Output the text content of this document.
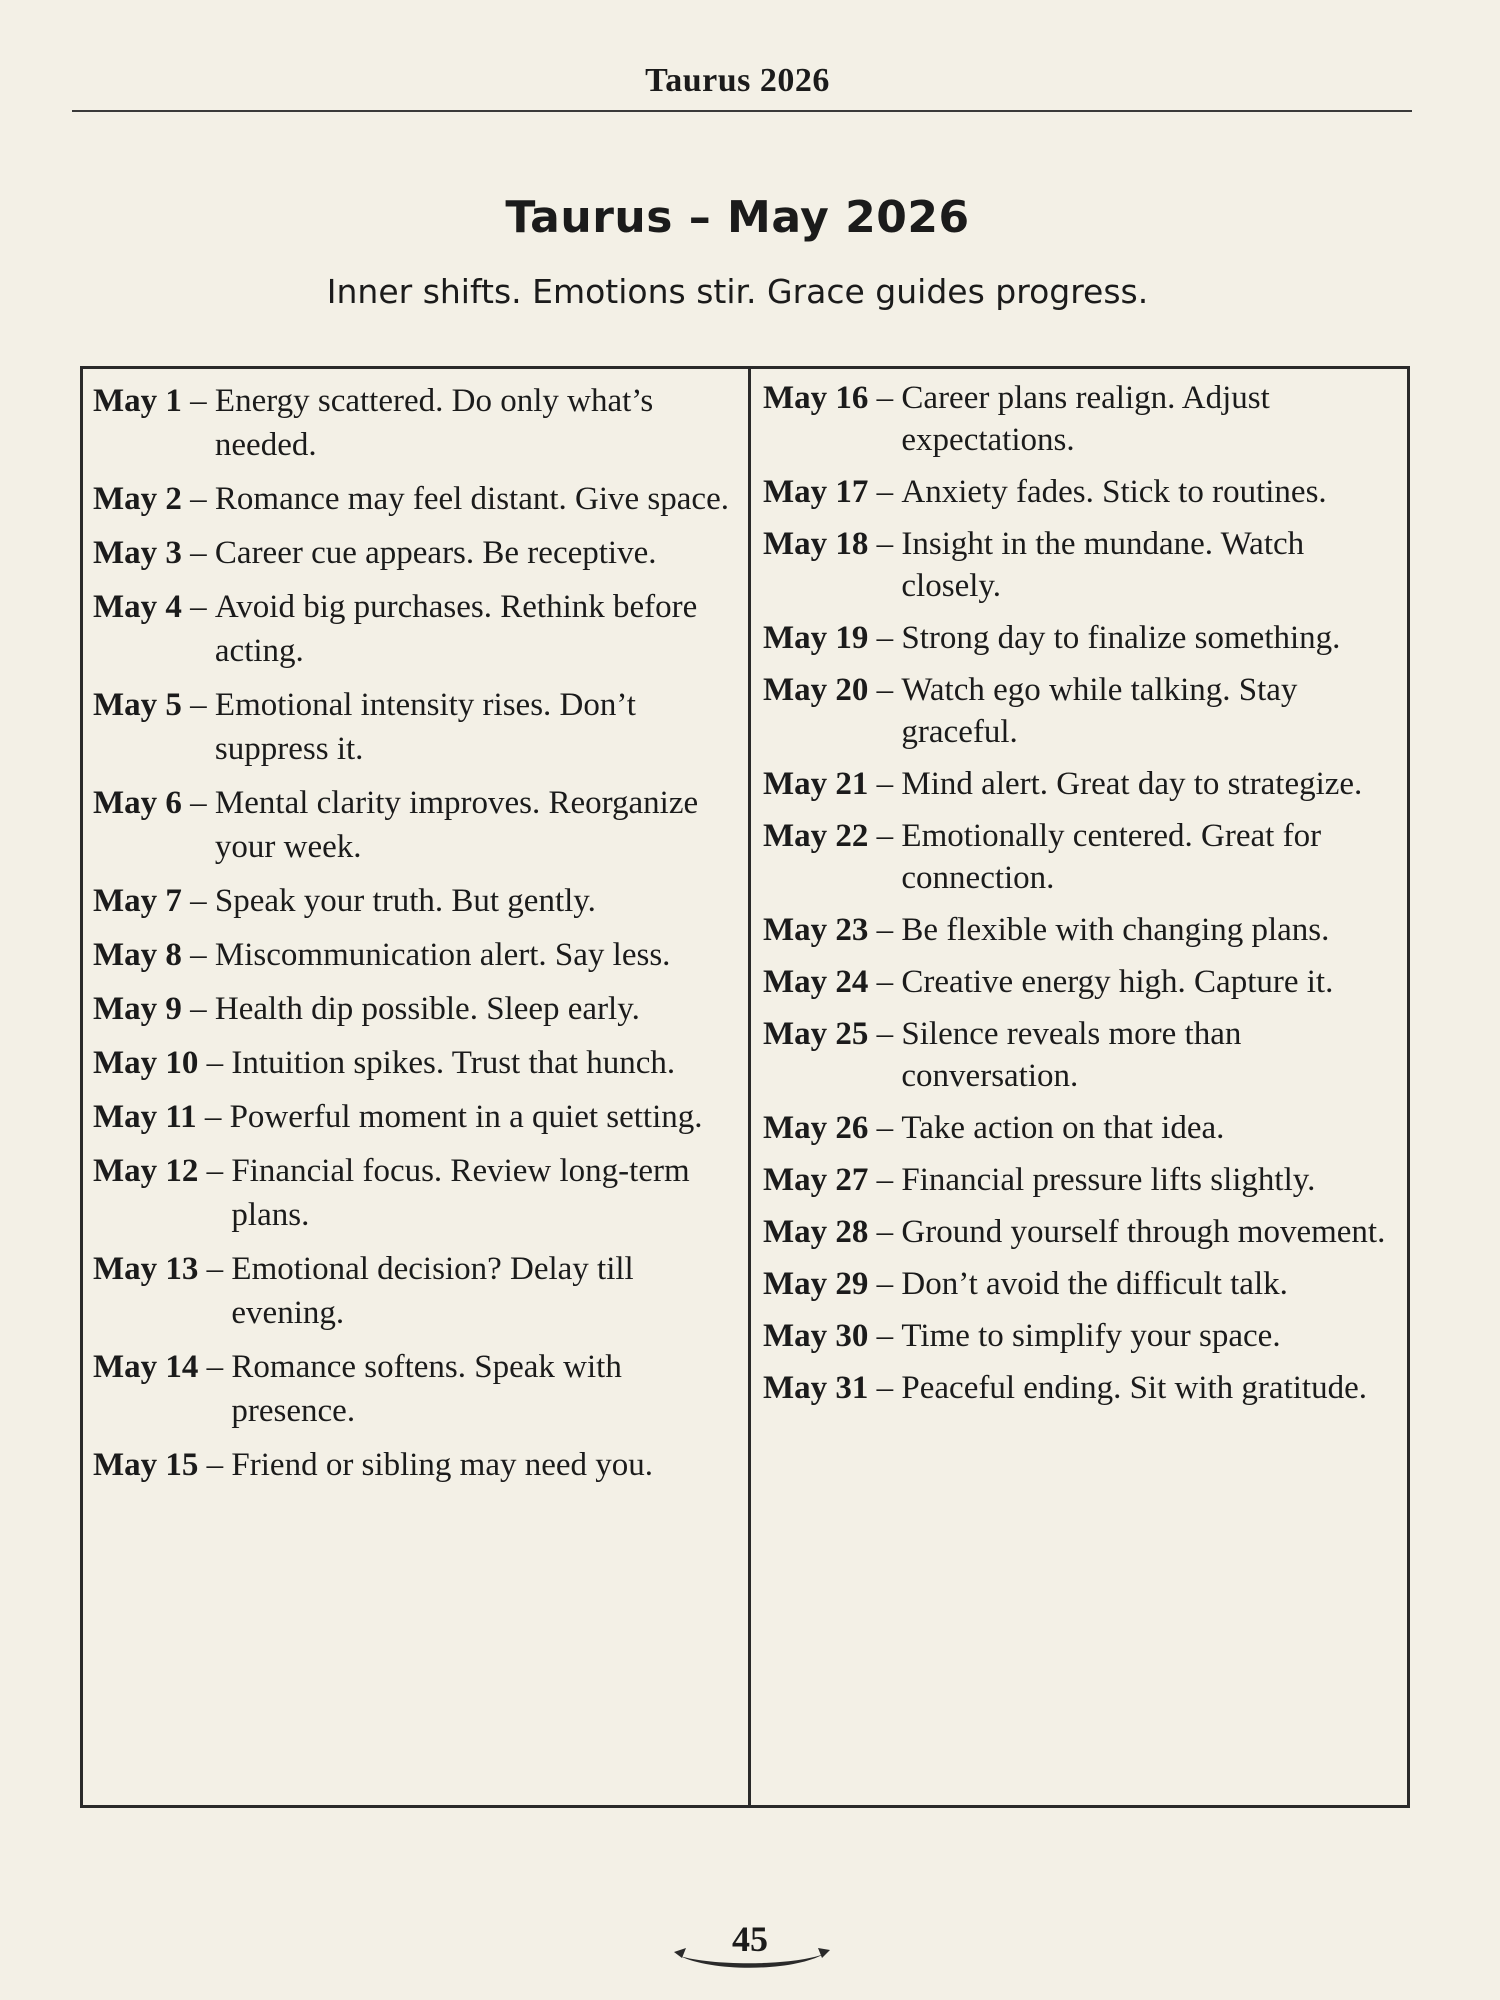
Taurus 2026
Taurus – May 2026
Inner shifts. Emotions stir. Grace guides progress.
May 1 – Energy scattered. Do only what’s needed.
May 2 – Romance may feel distant. Give space.
May 3 – Career cue appears. Be receptive.
May 4 – Avoid big purchases. Rethink before acting.
May 5 – Emotional intensity rises. Don’t suppress it.
May 6 – Mental clarity improves. Reorganize your week.
May 7 – Speak your truth. But gently.
May 8 – Miscommunication alert. Say less.
May 9 – Health dip possible. Sleep early.
May 10 – Intuition spikes. Trust that hunch.
May 11 – Powerful moment in a quiet setting.
May 12 – Financial focus. Review long-term plans.
May 13 – Emotional decision? Delay till evening.
May 14 – Romance softens. Speak with presence.
May 15 – Friend or sibling may need you.
May 16 – Career plans realign. Adjust expectations.
May 17 – Anxiety fades. Stick to routines.
May 18 – Insight in the mundane. Watch closely.
May 19 – Strong day to finalize something.
May 20 – Watch ego while talking. Stay graceful.
May 21 – Mind alert. Great day to strategize.
May 22 – Emotionally centered. Great for connection.
May 23 – Be flexible with changing plans.
May 24 – Creative energy high. Capture it.
May 25 – Silence reveals more than conversation.
May 26 – Take action on that idea.
May 27 – Financial pressure lifts slightly.
May 28 – Ground yourself through movement.
May 29 – Don’t avoid the difficult talk.
May 30 – Time to simplify your space.
May 31 – Peaceful ending. Sit with gratitude.
45
